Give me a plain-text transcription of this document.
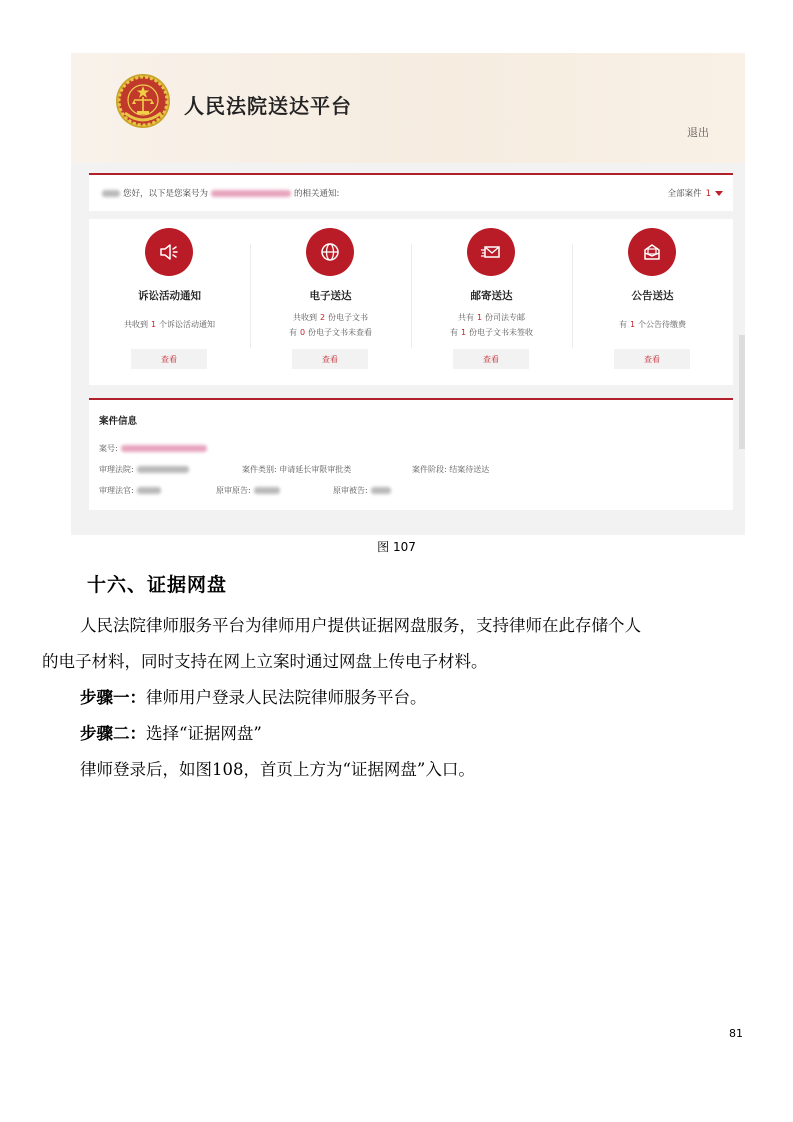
人民法院送达平台
退出
您好，以下是您案号为	的相关通知:	全部案件 1
诉讼活动通知
共收到 1 个诉讼活动通知
查看
电子送达
共收到 2 份电子文书
有 0 份电子文书未查看
查看
邮寄送达
共有 1 份司法专邮
有 1 份电子文书未签收
查看
公告送达
有 1 个公告待缴费
查看
案件信息
案号:
审理法院:	案件类别: 申请延长审限审批类	案件阶段: 结案待送达
审理法官:	原审原告:	原审被告:
图 107
十六、证据网盘
人民法院律师服务平台为律师用户提供证据网盘服务，支持律师在此存储个人
的电子材料，同时支持在网上立案时通过网盘上传电子材料。
步骤一：律师用户登录人民法院律师服务平台。
步骤二：选择“证据网盘”
律师登录后，如图108，首页上方为“证据网盘”入口。
81
